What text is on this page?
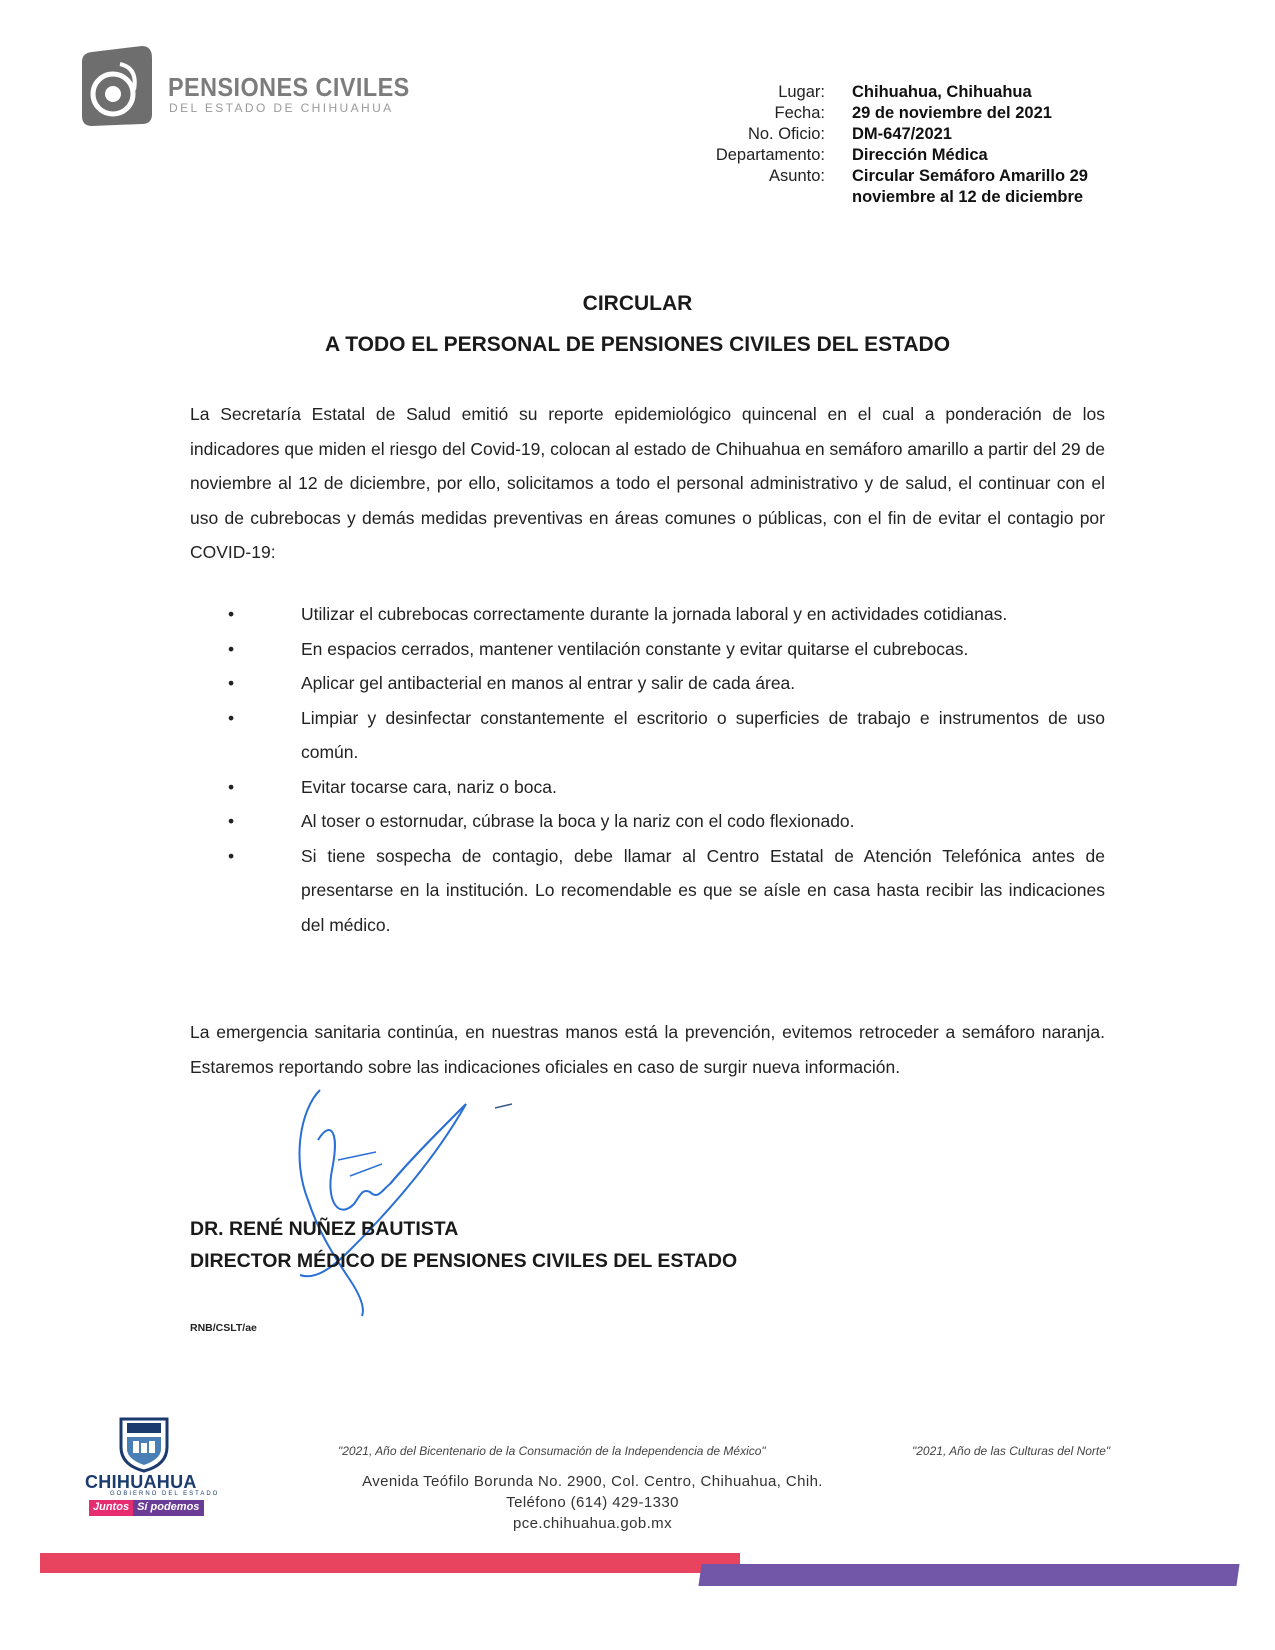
PENSIONES CIVILES
DEL ESTADO DE CHIHUAHUA
Lugar:	Chihuahua, Chihuahua
Fecha:	29 de noviembre del 2021
No. Oficio:	DM-647/2021
Departamento:	Dirección Médica
Asunto:	Circular Semáforo Amarillo 29 noviembre al 12 de diciembre
CIRCULAR
A TODO EL PERSONAL DE PENSIONES CIVILES DEL ESTADO
La Secretaría Estatal de Salud emitió su reporte epidemiológico quincenal en el cual a ponderación de los indicadores que miden el riesgo del Covid-19, colocan al estado de Chihuahua en semáforo amarillo a partir del 29 de noviembre al 12 de diciembre, por ello, solicitamos a todo el personal administrativo y de salud, el continuar con el uso de cubrebocas y demás medidas preventivas en áreas comunes o públicas, con el fin de evitar el contagio por COVID-19:
•	Utilizar el cubrebocas correctamente durante la jornada laboral y en actividades cotidianas.
•	En espacios cerrados, mantener ventilación constante y evitar quitarse el cubrebocas.
•	Aplicar gel antibacterial en manos al entrar y salir de cada área.
•	Limpiar y desinfectar constantemente el escritorio o superficies de trabajo e instrumentos de uso común.
•	Evitar tocarse cara, nariz o boca.
•	Al toser o estornudar, cúbrase la boca y la nariz con el codo flexionado.
•	Si tiene sospecha de contagio, debe llamar al Centro Estatal de Atención Telefónica antes de presentarse en la institución. Lo recomendable es que se aísle en casa hasta recibir las indicaciones del médico.
La emergencia sanitaria continúa, en nuestras manos está la prevención, evitemos retroceder a semáforo naranja. Estaremos reportando sobre las indicaciones oficiales en caso de surgir nueva información.
DR. RENÉ NUÑEZ BAUTISTA
DIRECTOR MÉDICO DE PENSIONES CIVILES DEL ESTADO
RNB/CSLT/ae
CHIHUAHUA
GOBIERNO DEL ESTADO
Juntos Sí podemos
"2021, Año del Bicentenario de la Consumación de la Independencia de México"	"2021, Año de las Culturas del Norte"
Avenida Teófilo Borunda No. 2900, Col. Centro, Chihuahua, Chih.
Teléfono (614) 429-1330
pce.chihuahua.gob.mx
